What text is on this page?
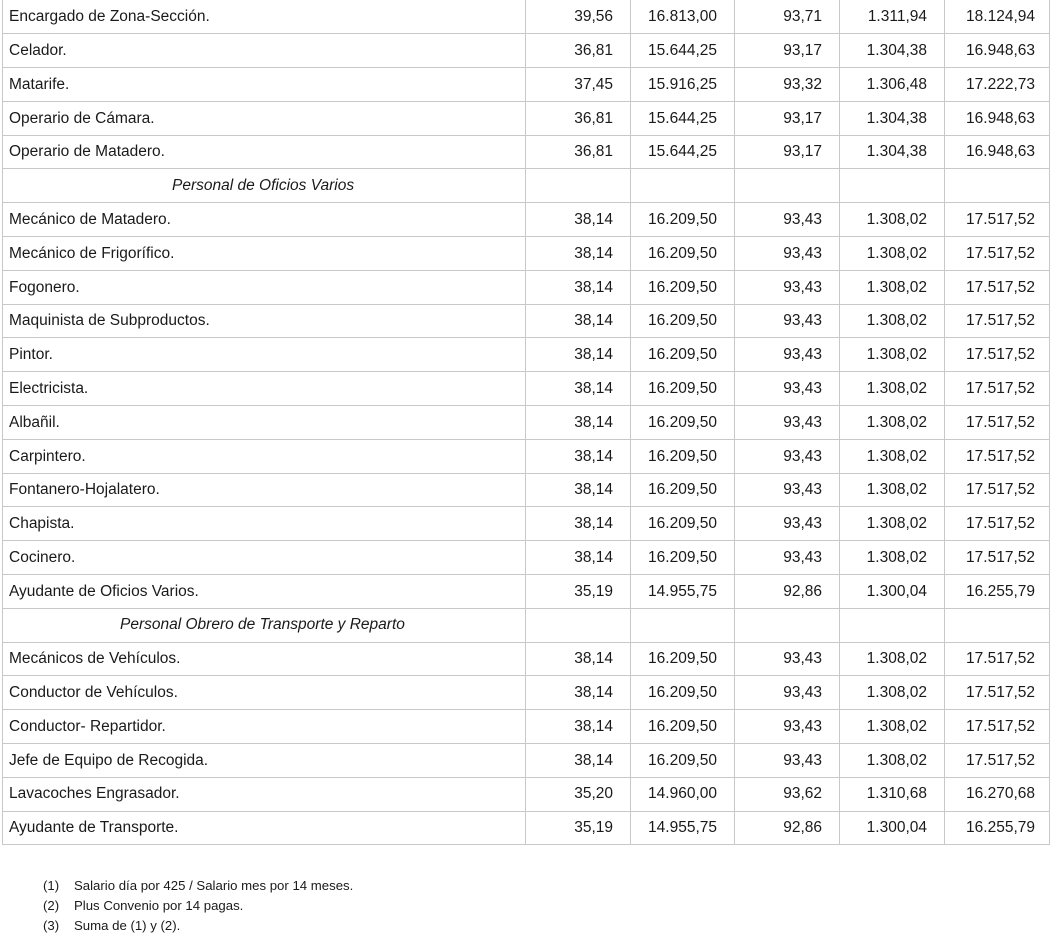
Encargado de Zona-Sección.	39,56	16.813,00	93,71	1.311,94	18.124,94
Celador.	36,81	15.644,25	93,17	1.304,38	16.948,63
Matarife.	37,45	15.916,25	93,32	1.306,48	17.222,73
Operario de Cámara.	36,81	15.644,25	93,17	1.304,38	16.948,63
Operario de Matadero.	36,81	15.644,25	93,17	1.304,38	16.948,63
Personal de Oficios Varios					
Mecánico de Matadero.	38,14	16.209,50	93,43	1.308,02	17.517,52
Mecánico de Frigorífico.	38,14	16.209,50	93,43	1.308,02	17.517,52
Fogonero.	38,14	16.209,50	93,43	1.308,02	17.517,52
Maquinista de Subproductos.	38,14	16.209,50	93,43	1.308,02	17.517,52
Pintor.	38,14	16.209,50	93,43	1.308,02	17.517,52
Electricista.	38,14	16.209,50	93,43	1.308,02	17.517,52
Albañil.	38,14	16.209,50	93,43	1.308,02	17.517,52
Carpintero.	38,14	16.209,50	93,43	1.308,02	17.517,52
Fontanero-Hojalatero.	38,14	16.209,50	93,43	1.308,02	17.517,52
Chapista.	38,14	16.209,50	93,43	1.308,02	17.517,52
Cocinero.	38,14	16.209,50	93,43	1.308,02	17.517,52
Ayudante de Oficios Varios.	35,19	14.955,75	92,86	1.300,04	16.255,79
Personal Obrero de Transporte y Reparto					
Mecánicos de Vehículos.	38,14	16.209,50	93,43	1.308,02	17.517,52
Conductor de Vehículos.	38,14	16.209,50	93,43	1.308,02	17.517,52
Conductor- Repartidor.	38,14	16.209,50	93,43	1.308,02	17.517,52
Jefe de Equipo de Recogida.	38,14	16.209,50	93,43	1.308,02	17.517,52
Lavacoches Engrasador.	35,20	14.960,00	93,62	1.310,68	16.270,68
Ayudante de Transporte.	35,19	14.955,75	92,86	1.300,04	16.255,79
(1)	Salario día por 425 / Salario mes por 14 meses.
(2)	Plus Convenio por 14 pagas.
(3)	Suma de (1) y (2).
